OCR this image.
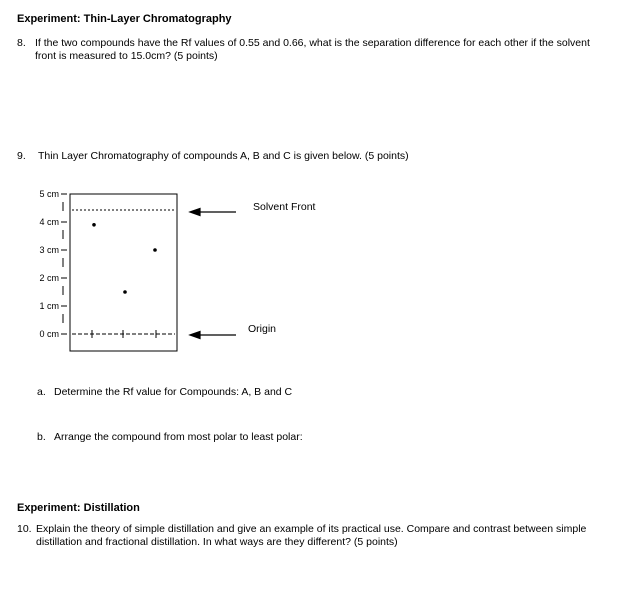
Experiment: Thin-Layer Chromatography
8. If the two compounds have the Rf values of 0.55 and 0.66, what is the separation difference for each other if the solvent
front is measured to 15.0cm? (5 points)
9. Thin Layer Chromatography of compounds A, B and C is given below. (5 points)
5 cm
4 cm
3 cm
2 cm
1 cm
0 cm
Solvent Front
Origin
a. Determine the Rf value for Compounds: A, B and C
b. Arrange the compound from most polar to least polar:
Experiment: Distillation
10. Explain the theory of simple distillation and give an example of its practical use. Compare and contrast between simple
distillation and fractional distillation. In what ways are they different? (5 points)
